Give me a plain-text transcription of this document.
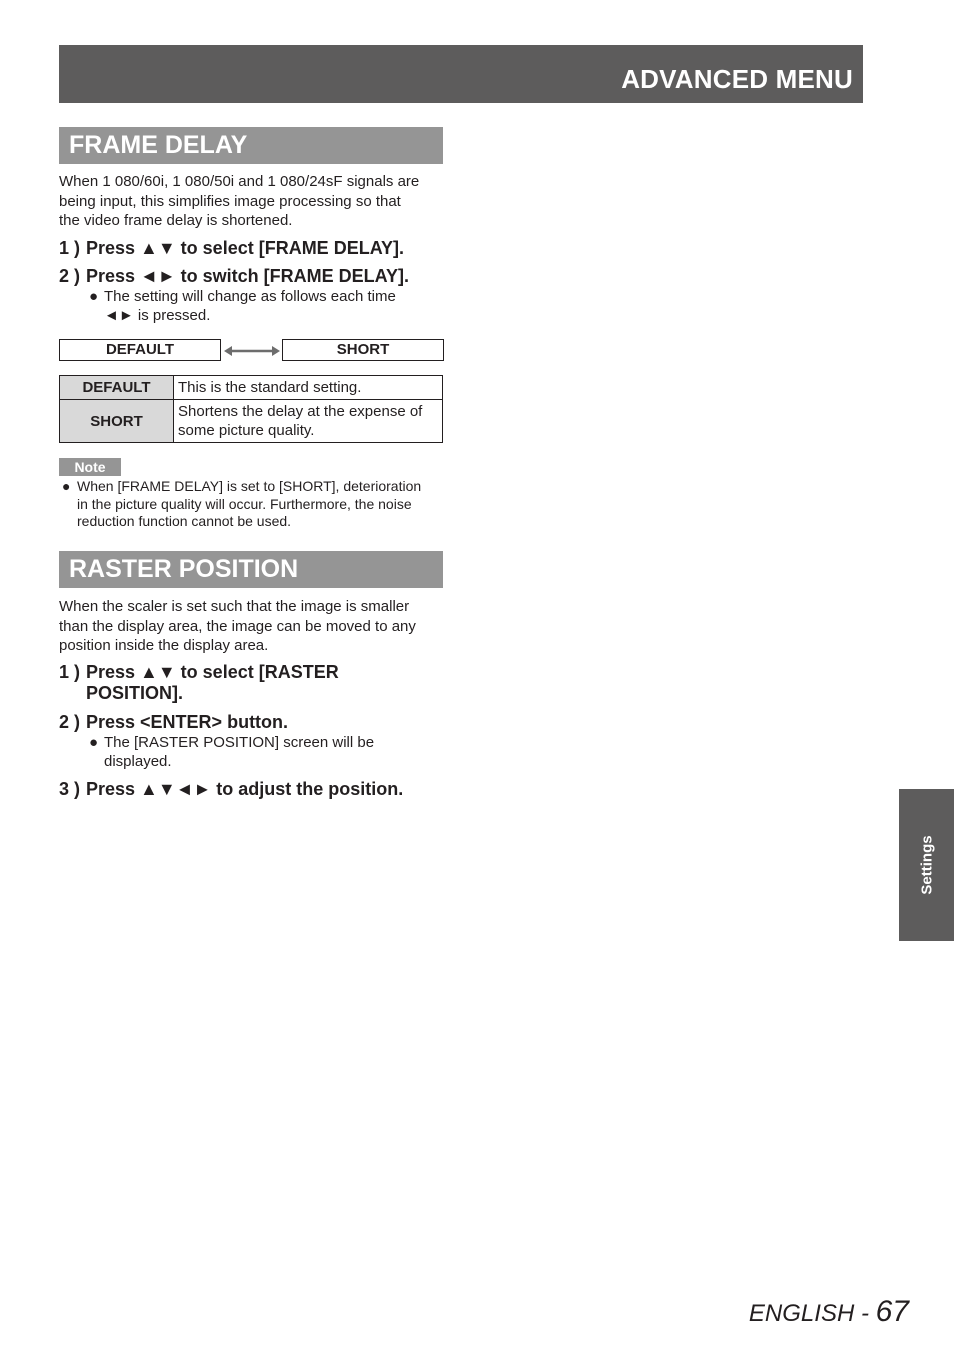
ADVANCED MENU
FRAME DELAY
When 1 080/60i, 1 080/50i and 1 080/24sF signals are
being input, this simplifies image processing so that
the video frame delay is shortened.
1 ) Press ▲▼ to select [FRAME DELAY].
2 ) Press ◄► to switch [FRAME DELAY].
● The setting will change as follows each time
◄► is pressed.
DEFAULT	SHORT
DEFAULT	This is the standard setting.
SHORT	Shortens the delay at the expense of
some picture quality.
Note
● When [FRAME DELAY] is set to [SHORT], deterioration
in the picture quality will occur. Furthermore, the noise
reduction function cannot be used.
RASTER POSITION
When the scaler is set such that the image is smaller
than the display area, the image can be moved to any
position inside the display area.
1 ) Press ▲▼ to select [RASTER
POSITION].
2 ) Press <ENTER> button.
● The [RASTER POSITION] screen will be
displayed.
3 ) Press ▲▼◄► to adjust the position.
Settings
ENGLISH - 67
